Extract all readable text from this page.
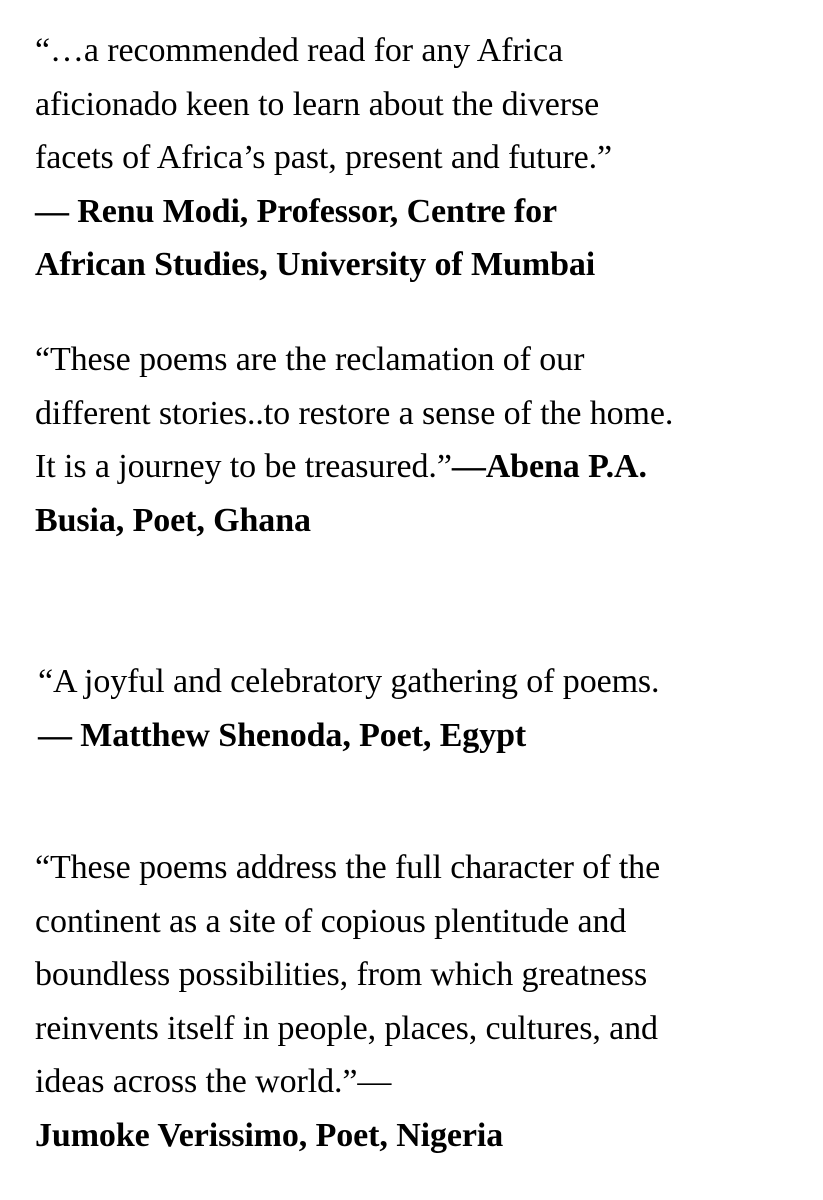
“…a recommended read for any Africa
aficionado keen to learn about the diverse
facets of Africa’s past, present and future.”
— Renu Modi, Professor, Centre for
African Studies, University of Mumbai
“These poems are the reclamation of our
different stories..to restore a sense of the home.
It is a journey to be treasured.”—Abena P.A.
Busia, Poet, Ghana
“A joyful and celebratory gathering of poems.
— Matthew Shenoda, Poet, Egypt
“These poems address the full character of the
continent as a site of copious plentitude and
boundless possibilities, from which greatness
reinvents itself in people, places, cultures, and
ideas across the world.”—
Jumoke Verissimo, Poet, Nigeria
